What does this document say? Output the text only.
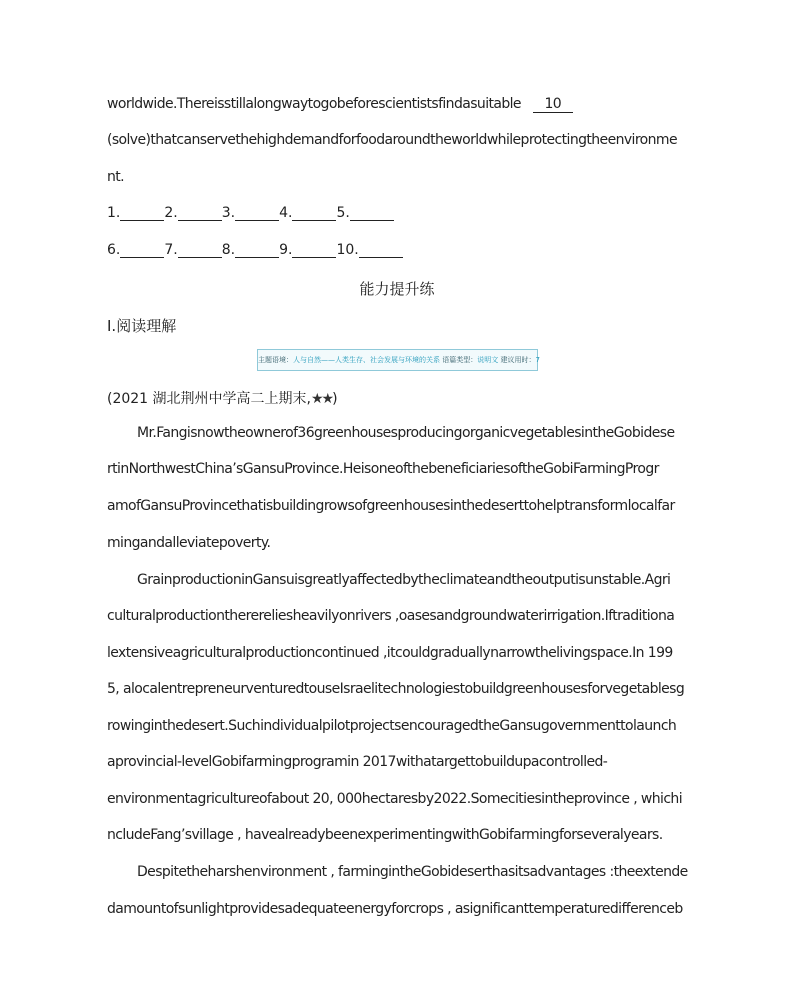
worldwide.Thereisstillalongwaytogobeforescientistsfindasuitable 10
(solve)thatcanservethehighdemandforfoodaroundtheworldwhileprotectingtheenvironme
nt.
1.	2.	3.	4.	5.
6.	7.	8.	9.	10.
能力提升练
Ⅰ.阅读理解
主题语境：人与自然——人类生存、社会发展与环境的关系 语篇类型：说明文 建议用时：7
(2021 湖北荆州中学高二上期末,★★)
Mr.Fangisnowtheownerof36greenhousesproducingorganicvegetablesintheGobidese
rtinNorthwestChina’sGansuProvince.HeisoneofthebeneficiariesoftheGobiFarmingProgr
amofGansuProvincethatisbuildingrowsofgreenhousesinthedeserttohelptransformlocalfar
mingandalleviatepoverty.
GrainproductioninGansuisgreatlyaffectedbytheclimateandtheoutputisunstable.Agri
culturalproductiontherereliesheavilyonrivers ,oasesandgroundwaterirrigation.Iftraditiona
lextensiveagriculturalproductioncontinued ,itcouldgraduallynarrowthelivingspace.In 199
5, alocalentrepreneurventuredtouseIsraelitechnologiestobuildgreenhousesforvegetablesg
rowinginthedesert.SuchindividualpilotprojectsencouragedtheGansugovernmenttolaunch
aprovincial-levelGobifarmingprogramin 2017withatargettobuildupacontrolled-
environmentagricultureofabout 20, 000hectaresby2022.Somecitiesintheprovince , whichi
ncludeFang’svillage , havealreadybeenexperimentingwithGobifarmingforseveralyears.
Despitetheharshenvironment , farmingintheGobideserthasitsadvantages :theextende
damountofsunlightprovidesadequateenergyforcrops , asignificanttemperaturedifferenceb
